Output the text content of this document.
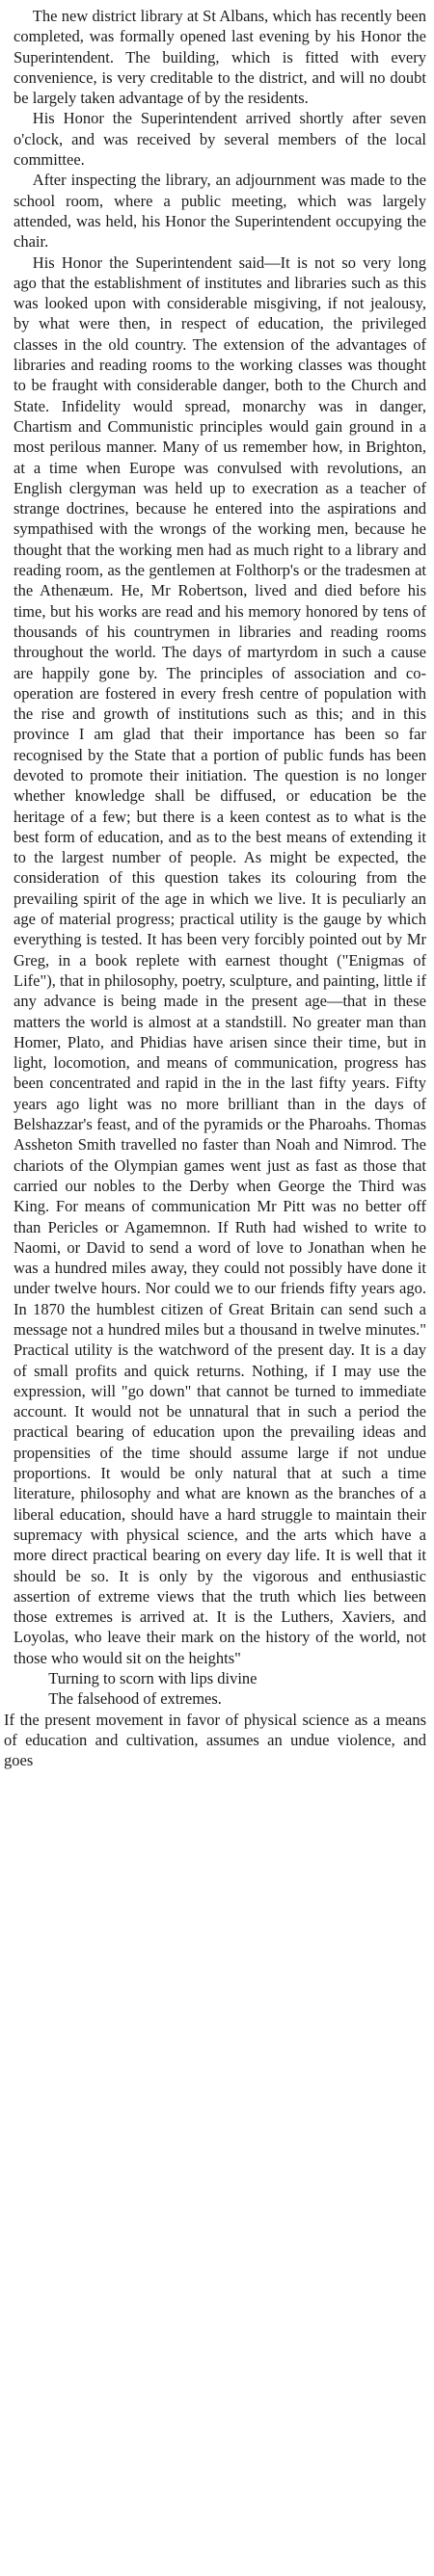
The new district library at St Albans, which has recently been completed, was formally opened last evening by his Honor the Superintendent. The building, which is fitted with every convenience, is very creditable to the district, and will no doubt be largely taken advantage of by the residents.

His Honor the Superintendent arrived shortly after seven o'clock, and was received by several members of the local committee.

After inspecting the library, an adjournment was made to the school room, where a public meeting, which was largely attended, was held, his Honor the Superintendent occupying the chair.

His Honor the Superintendent said—It is not so very long ago that the establishment of institutes and libraries such as this was looked upon with considerable misgiving, if not jealousy, by what were then, in respect of education, the privileged classes in the old country. The extension of the advantages of libraries and reading rooms to the working classes was thought to be fraught with considerable danger, both to the Church and State. Infidelity would spread, monarchy was in danger, Chartism and Communistic principles would gain ground in a most perilous manner. Many of us remember how, in Brighton, at a time when Europe was convulsed with revolutions, an English clergyman was held up to execration as a teacher of strange doctrines, because he entered into the aspirations and sympathised with the wrongs of the working men, because he thought that the working men had as much right to a library and reading room, as the gentlemen at Folthorp's or the tradesmen at the Athenæum. He, Mr Robertson, lived and died before his time, but his works are read and his memory honored by tens of thousands of his countrymen in libraries and reading rooms throughout the world. The days of martyrdom in such a cause are happily gone by. The principles of association and co-operation are fostered in every fresh centre of population with the rise and growth of institutions such as this; and in this province I am glad that their importance has been so far recognised by the State that a portion of public funds has been devoted to promote their initiation. The question is no longer whether knowledge shall be diffused, or education be the heritage of a few; but there is a keen contest as to what is the best form of education, and as to the best means of extending it to the largest number of people. As might be expected, the consideration of this question takes its colouring from the prevailing spirit of the age in which we live. It is peculiarly an age of material progress; practical utility is the gauge by which everything is tested. It has been very forcibly pointed out by Mr Greg, in a book replete with earnest thought ("Enigmas of Life"), that in philosophy, poetry, sculpture, and painting, little if any advance is being made in the present age—that in these matters the world is almost at a standstill. No greater man than Homer, Plato, and Phidias have arisen since their time, but in light, locomotion, and means of communication, progress has been concentrated and rapid in the in the last fifty years. Fifty years ago light was no more brilliant than in the days of Belshazzar's feast, and of the pyramids or the Pharoahs. Thomas Assheton Smith travelled no faster than Noah and Nimrod. The chariots of the Olympian games went just as fast as those that carried our nobles to the Derby when George the Third was King. For means of communication Mr Pitt was no better off than Pericles or Agamemnon. If Ruth had wished to write to Naomi, or David to send a word of love to Jonathan when he was a hundred miles away, they could not possibly have done it under twelve hours. Nor could we to our friends fifty years ago. In 1870 the humblest citizen of Great Britain can send such a message not a hundred miles but a thousand in twelve minutes." Practical utility is the watchword of the present day. It is a day of small profits and quick returns. Nothing, if I may use the expression, will "go down" that cannot be turned to immediate account. It would not be unnatural that in such a period the practical bearing of education upon the prevailing ideas and propensities of the time should assume large if not undue proportions. It would be only natural that at such a time literature, philosophy and what are known as the branches of a liberal education, should have a hard struggle to maintain their supremacy with physical science, and the arts which have a more direct practical bearing on every day life. It is well that it should be so. It is only by the vigorous and enthusiastic assertion of extreme views that the truth which lies between those extremes is arrived at. It is the Luthers, Xaviers, and Loyolas, who leave their mark on the history of the world, not those who would sit on the heights"

Turning to scorn with lips divine

The falsehood of extremes.

If the present movement in favor of physical science as a means of education and cultivation, assumes an undue violence, and goes
